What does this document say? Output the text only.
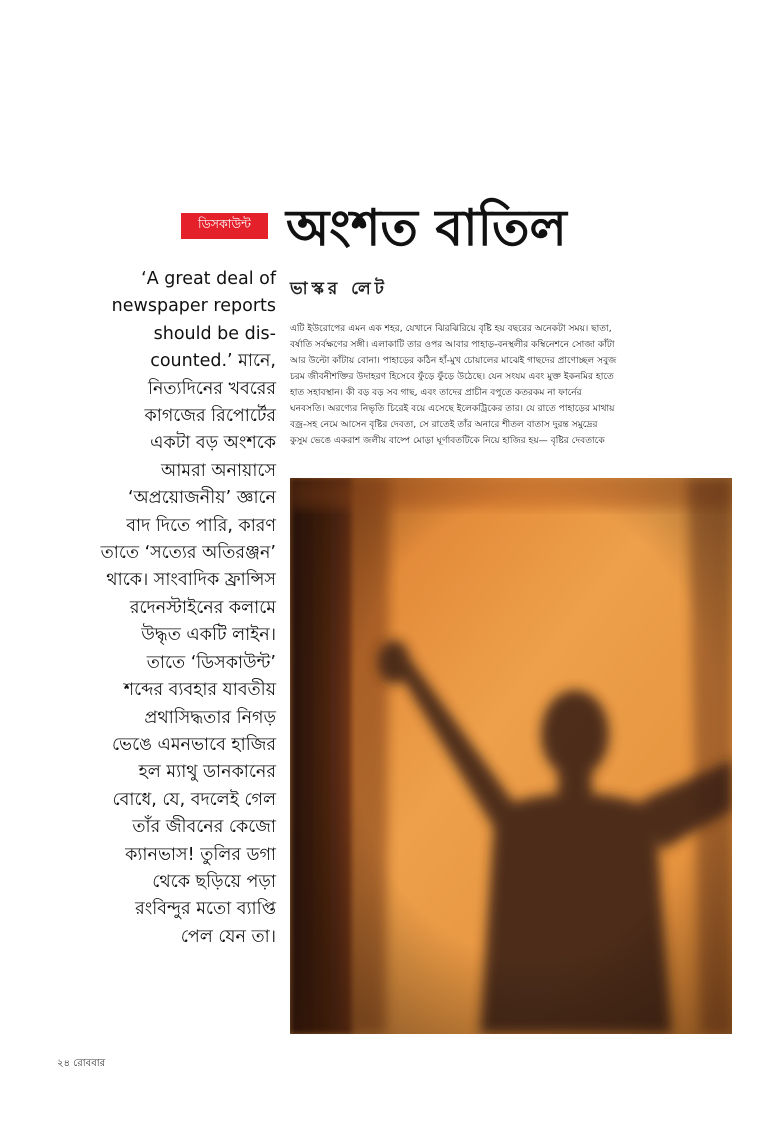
ডিসকাউন্ট অংশত বাতিল
ভাস্কর লেট

‘A great deal of
newspaper reports
should be dis-
counted.’ মানে,
নিত্যদিনের খবরের
কাগজের রিপোর্টের
একটা বড় অংশকে
আমরা অনায়াসে
‘অপ্রয়োজনীয়’ জ্ঞানে
বাদ দিতে পারি, কারণ
তাতে ‘সত্যের অতিরঞ্জন’
থাকে। সাংবাদিক ফ্রান্সিস
রদেনস্টাইনের কলামে
উদ্ধৃত একটি লাইন।
তাতে ‘ডিসকাউন্ট’
শব্দের ব্যবহার যাবতীয়
প্রথাসিদ্ধতার নিগড়
ভেঙে এমনভাবে হাজির
হল ম্যাথু ডানকানের
বোধে, যে, বদলেই গেল
তাঁর জীবনের কেজো
ক্যানভাস! তুলির ডগা
থেকে ছড়িয়ে পড়া
রংবিন্দুর মতো ব্যাপ্তি
পেল যেন তা।

এটি ইউরোপের এমন এক শহর, যেখানে ঝিরঝিরিয়ে বৃষ্টি হয় বছরের অনেকটা সময়। ছাতা,
বর্ষাতি সর্বক্ষণের সঙ্গী। এলাকাটি তার ওপর আবার পাহাড়-বনস্থলীর কম্বিনেশনে সোজা কাঁটা
আর উল্টো কাঁটায় বোনা। পাহাড়ের কঠিন হাঁ-মুখ চোয়ালের মাঝেই গাছদের প্রাণোচ্ছল সবুজ
চরম জীবনীশক্তির উদাহরণ হিসেবে ফুঁড়ে ফুঁড়ে উঠেছে। যেন সংযম এবং মুক্ত ইকনমির হাতে
হাত সহাবস্থান। কী বড় বড় সব গাছ, এবং তাদের প্রাচীন বপুতে কতরকম না ফার্নের
ঘনবসতি। অরণ্যের নিভৃতি চিরেই বয়ে এসেছে ইলেকট্রিকের তার। যে রাতে পাহাড়ের মাথায়
বজ্র-সহ নেমে আসেন বৃষ্টির দেবতা, সে রাতেই তাঁর অনারে শীতল বাতাস দুরন্ত সমুদ্রের
কুসুম ভেঙে একরাশ জলীয় বাষ্পে মোড়া ঘূর্ণাবতটিকে নিয়ে হাজির হয়— বৃষ্টির দেবতাকে

২৪ রোববার
